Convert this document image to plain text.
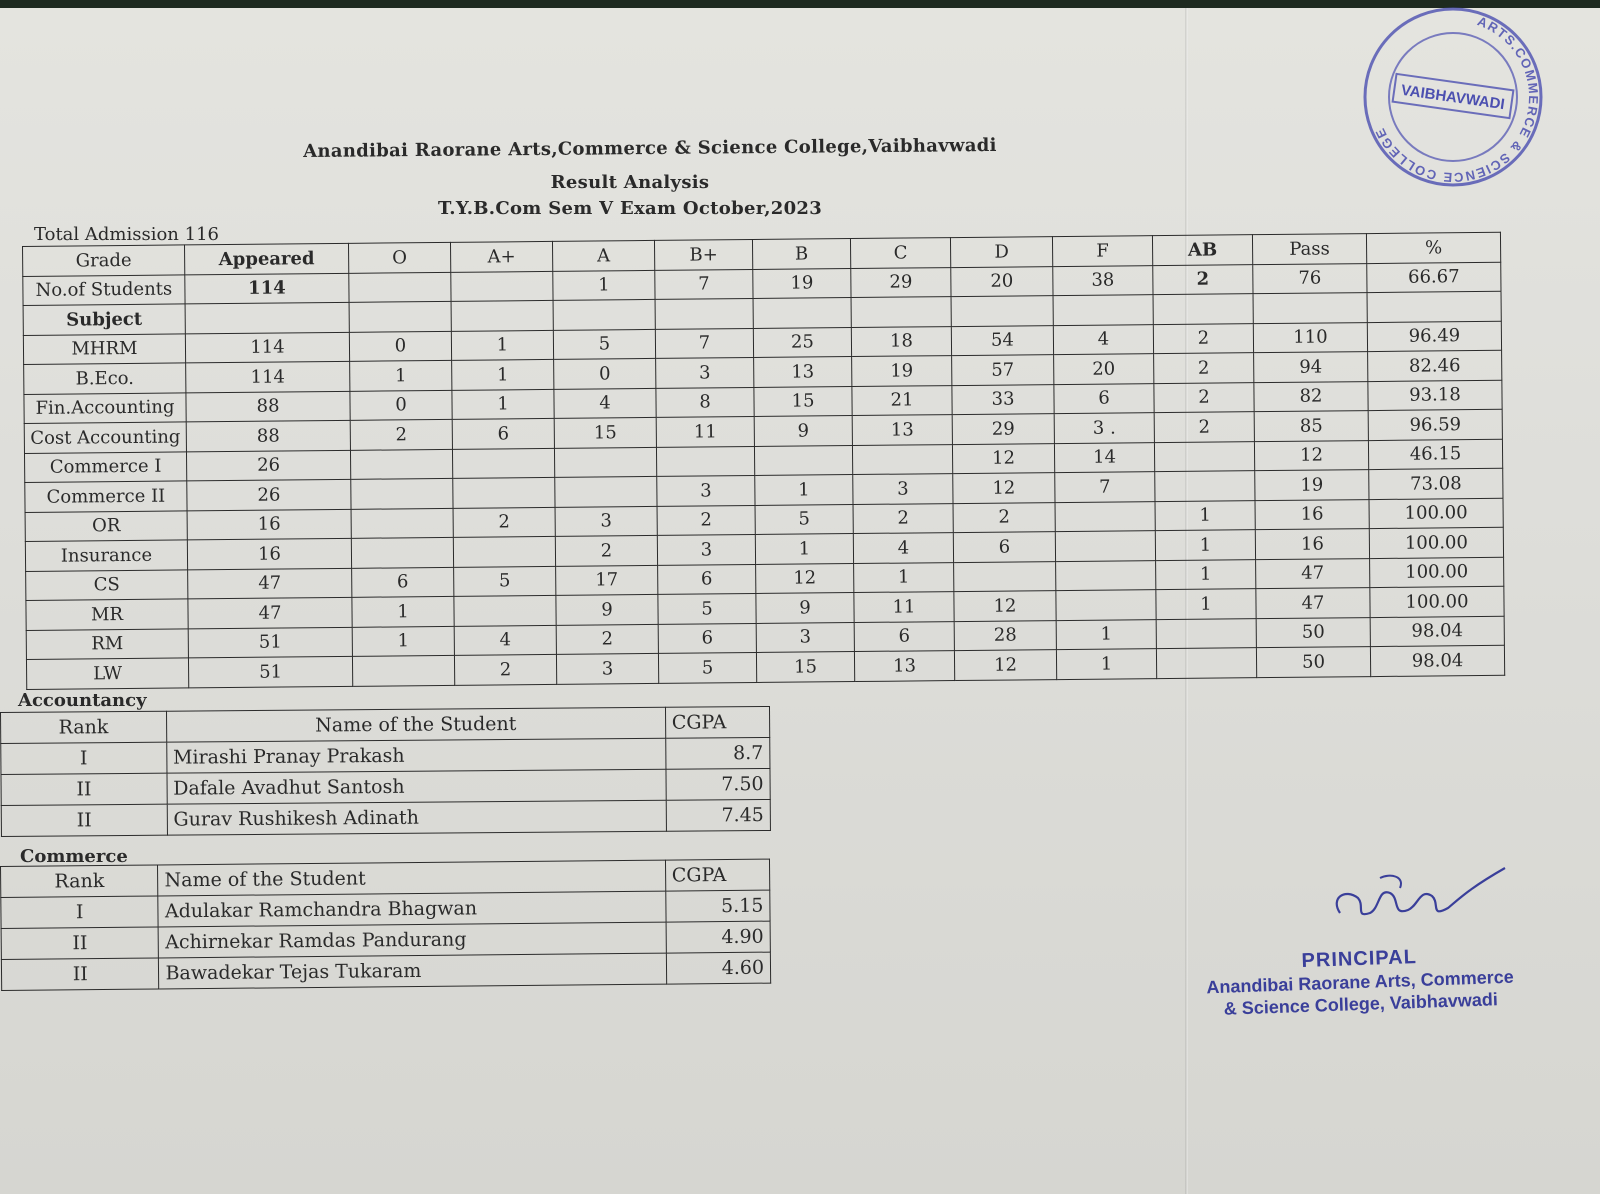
Anandibai Raorane Arts,Commerce & Science College,Vaibhavwadi
Result Analysis
T.Y.B.Com Sem V Exam October,2023
Total Admission 116
Grade	Appeared	O	A+	A	B+	B	C	D	F	AB	Pass	%
No.of Students	114			1	7	19	29	20	38	2	76	66.67
Subject												
MHRM	114	0	1	5	7	25	18	54	4	2	110	96.49
B.Eco.	114	1	1	0	3	13	19	57	20	2	94	82.46
Fin.Accounting	88	0	1	4	8	15	21	33	6	2	82	93.18
Cost Accounting	88	2	6	15	11	9	13	29	3 .	2	85	96.59
Commerce I	26							12	14		12	46.15
Commerce II	26				3	1	3	12	7		19	73.08
OR	16		2	3	2	5	2	2		1	16	100.00
Insurance	16			2	3	1	4	6		1	16	100.00
CS	47	6	5	17	6	12	1			1	47	100.00
MR	47	1		9	5	9	11	12		1	47	100.00
RM	51	1	4	2	6	3	6	28	1		50	98.04
LW	51		2	3	5	15	13	12	1		50	98.04
Accountancy
Rank	Name of the Student	CGPA
I	Mirashi Pranay Prakash	8.7
II	Dafale Avadhut Santosh	7.50
II	Gurav Rushikesh Adinath	7.45
Commerce
Rank	Name of the Student	CGPA
I	Adulakar Ramchandra Bhagwan	5.15
II	Achirnekar Ramdas Pandurang	4.90
II	Bawadekar Tejas Tukaram	4.60
ARTS.COMMERCE & SCIENCE COLLEGE
VAIBHAVWADI
PRINCIPAL
Anandibai Raorane Arts, Commerce
& Science College, Vaibhavwadi
